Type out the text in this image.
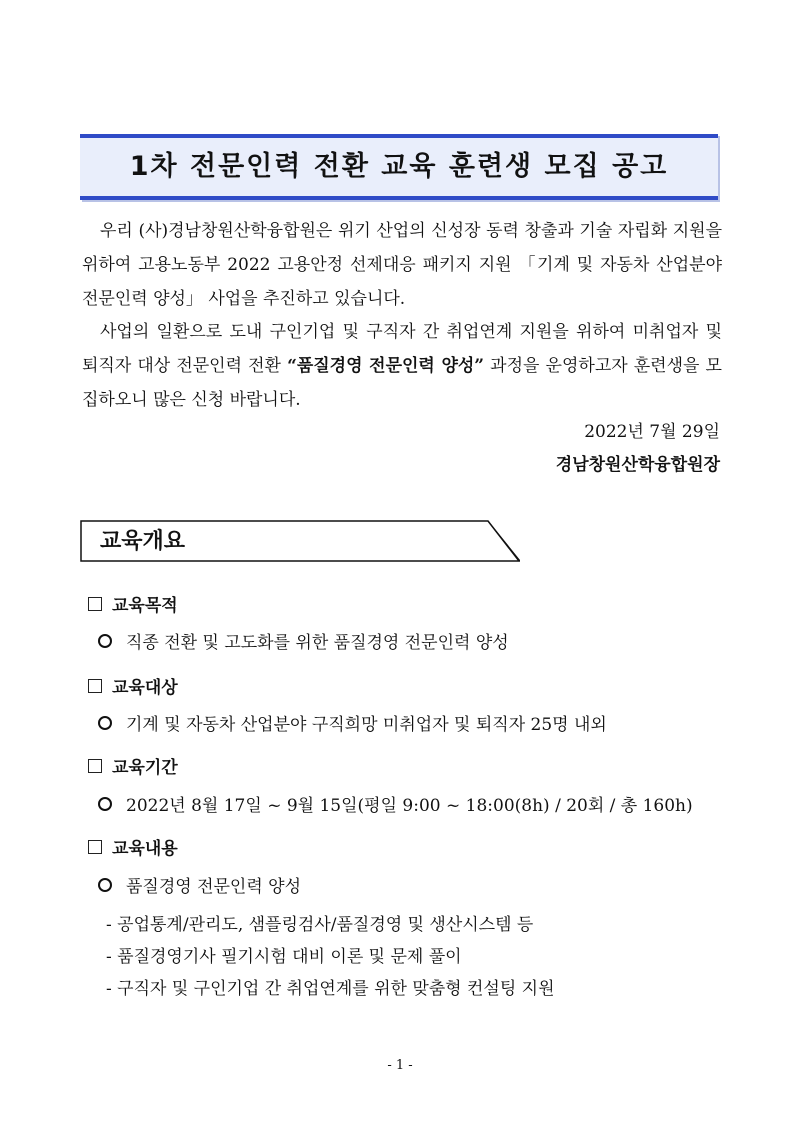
1차 전문인력 전환 교육 훈련생 모집 공고

우리 (사)경남창원산학융합원은 위기 산업의 신성장 동력 창출과 기술 자립화 지원을 위하여 고용노동부 2022 고용안정 선제대응 패키지 지원 「기계 및 자동차 산업분야 전문인력 양성」 사업을 추진하고 있습니다.

사업의 일환으로 도내 구인기업 및 구직자 간 취업연계 지원을 위하여 미취업자 및 퇴직자 대상 전문인력 전환 “품질경영 전문인력 양성” 과정을 운영하고자 훈련생을 모집하오니 많은 신청 바랍니다.

2022년 7월 29일
경남창원산학융합원장
교육개요
교육목적
직종 전환 및 고도화를 위한 품질경영 전문인력 양성
교육대상
기계 및 자동차 산업분야 구직희망 미취업자 및 퇴직자 25명 내외
교육기간
2022년 8월 17일 ~ 9월 15일(평일 9:00 ~ 18:00(8h) / 20회 / 총 160h)
교육내용
품질경영 전문인력 양성
- 공업통계/관리도, 샘플링검사/품질경영 및 생산시스템 등
- 품질경영기사 필기시험 대비 이론 및 문제 풀이
- 구직자 및 구인기업 간 취업연계를 위한 맞춤형 컨설팅 지원
- 1 -
